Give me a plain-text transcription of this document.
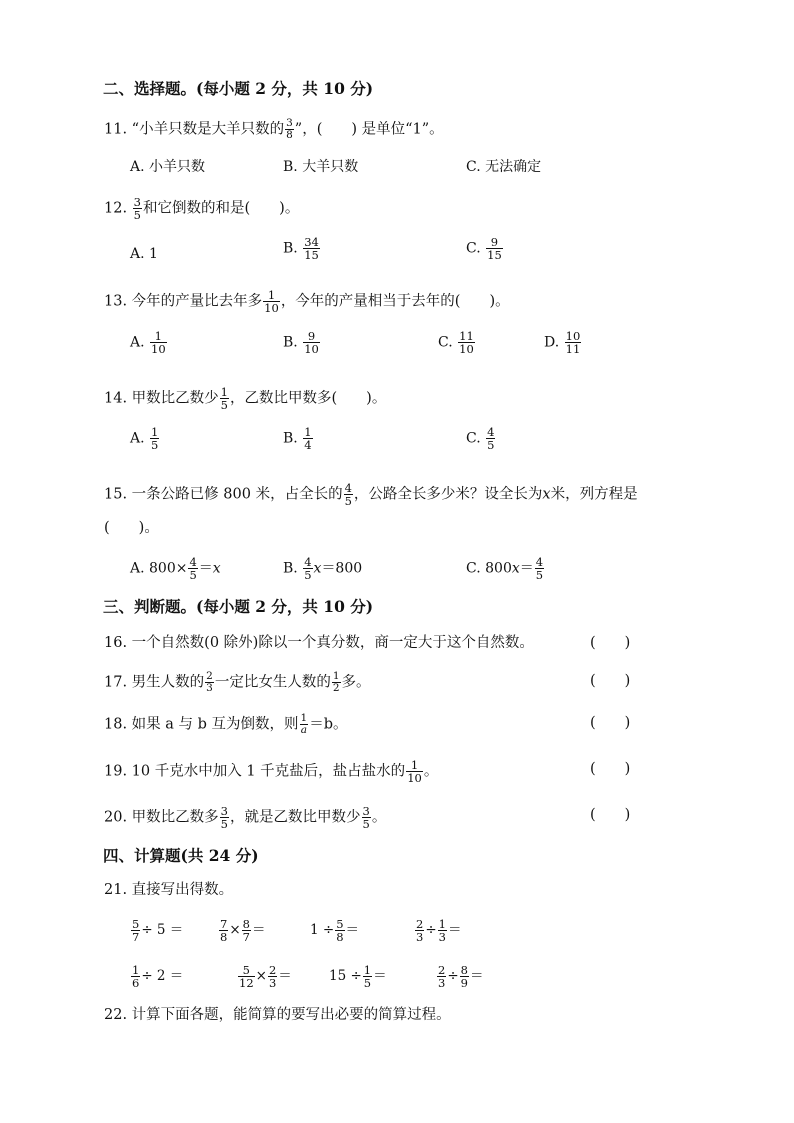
二、选择题。(每小题 2 分，共 10 分)
11. “小羊只数是大羊只数的 $\frac{3}{8}$ ”，(　　) 是单位“1”。
A. 小羊只数	B. 大羊只数	C. 无法确定
12. $\frac{3}{5}$ 和它倒数的和是(　　)。
A. 1	B. $\frac{34}{15}$	C. $\frac{9}{15}$
13. 今年的产量比去年多 $\frac{1}{10}$ ，今年的产量相当于去年的(　　)。
A. $\frac{1}{10}$	B. $\frac{9}{10}$	C. $\frac{11}{10}$	D. $\frac{10}{11}$
14. 甲数比乙数少 $\frac{1}{5}$ ，乙数比甲数多(　　)。
A. $\frac{1}{5}$	B. $\frac{1}{4}$	C. $\frac{4}{5}$
15. 一条公路已修 800 米，占全长的 $\frac{4}{5}$ ，公路全长多少米？设全长为x米，列方程是
(　　)。
A. $800\times \frac{4}{5} =x$	B. $\frac{4}{5} x=800$	C. $800x= \frac{4}{5}$
三、判断题。(每小题 2 分，共 10 分)
16. 一个自然数(0 除外)除以一个真分数，商一定大于这个自然数。	(　　)
17. 男生人数的 $\frac{2}{3}$ 一定比女生人数的 $\frac{1}{2}$ 多。	(　　)
18. 如果 a 与 b 互为倒数，则 $\frac{1}{a} =b$。	(　　)
19. 10 千克水中加入 1 千克盐后，盐占盐水的 $\frac{1}{10}$ 。	(　　)
20. 甲数比乙数多 $\frac{3}{5}$ ，就是乙数比甲数少 $\frac{3}{5}$ 。	(　　)
四、计算题(共 24 分)
21. 直接写出得数。
$\frac{5}{7} \div 5$ ＝	$\frac{7}{8} \times \frac{8}{7}$ ＝	$1 \div \frac{5}{8}$ ＝	$\frac{2}{3} \div \frac{1}{3}$ ＝
$\frac{1}{6} \div 2$ ＝	$\frac{5}{12} \times \frac{2}{3}$ ＝	$15 \div \frac{1}{5}$ ＝	$\frac{2}{3} \div \frac{8}{9}$ ＝
22. 计算下面各题，能简算的要写出必要的简算过程。
